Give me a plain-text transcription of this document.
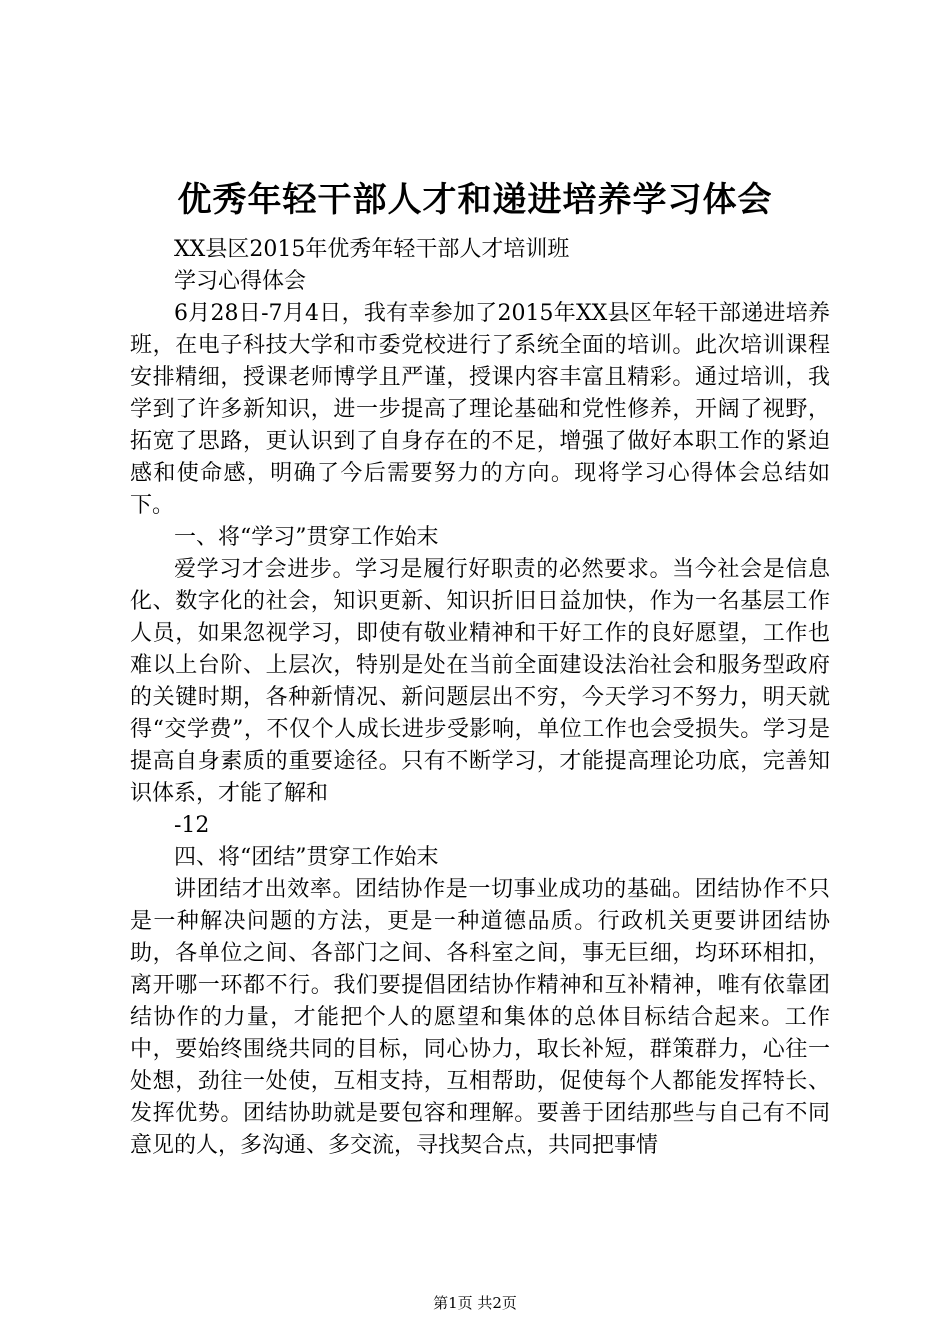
优秀年轻干部人才和递进培养学习体会

XX县区2015年优秀年轻干部人才培训班

学习心得体会

6月28日-7月4日，我有幸参加了2015年XX县区年轻干部递进培养班，在电子科技大学和市委党校进行了系统全面的培训。此次培训课程安排精细，授课老师博学且严谨，授课内容丰富且精彩。通过培训，我学到了许多新知识，进一步提高了理论基础和党性修养，开阔了视野，拓宽了思路，更认识到了自身存在的不足，增强了做好本职工作的紧迫感和使命感，明确了今后需要努力的方向。现将学习心得体会总结如下。

一、将“学习”贯穿工作始末

爱学习才会进步。学习是履行好职责的必然要求。当今社会是信息化、数字化的社会，知识更新、知识折旧日益加快，作为一名基层工作人员，如果忽视学习，即使有敬业精神和干好工作的良好愿望，工作也难以上台阶、上层次，特别是处在当前全面建设法治社会和服务型政府的关键时期，各种新情况、新问题层出不穷，今天学习不努力，明天就得“交学费”，不仅个人成长进步受影响，单位工作也会受损失。学习是提高自身素质的重要途径。只有不断学习，才能提高理论功底，完善知识体系，才能了解和

-12

四、将“团结”贯穿工作始末

讲团结才出效率。团结协作是一切事业成功的基础。团结协作不只是一种解决问题的方法，更是一种道德品质。行政机关更要讲团结协助，各单位之间、各部门之间、各科室之间，事无巨细，均环环相扣，离开哪一环都不行。我们要提倡团结协作精神和互补精神，唯有依靠团结协作的力量，才能把个人的愿望和集体的总体目标结合起来。工作中，要始终围绕共同的目标，同心协力，取长补短，群策群力，心往一处想，劲往一处使，互相支持，互相帮助，促使每个人都能发挥特长、发挥优势。团结协助就是要包容和理解。要善于团结那些与自己有不同意见的人，多沟通、多交流，寻找契合点，共同把事情

第1页 共2页
